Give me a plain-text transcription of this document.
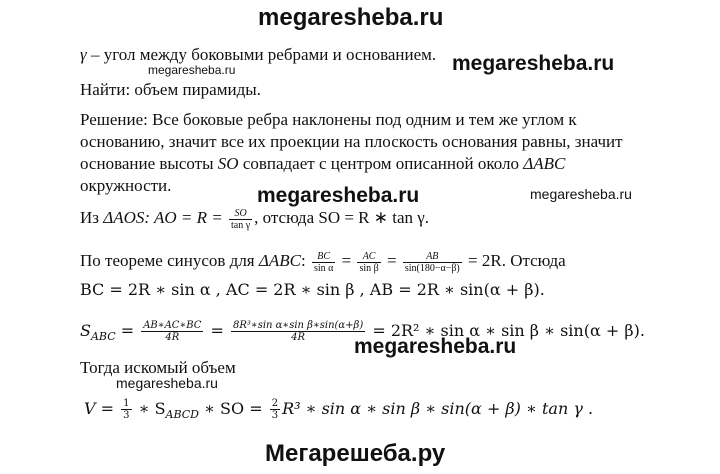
megaresheba.ru
γ – угол между боковыми ребрами и основанием.
megaresheba.ru	megaresheba.ru
Найти: объем пирамиды.
Решение: Все боковые ребра наклонены под одним и тем же углом к
основанию, значит все их проекции на плоскость основания равны, значит
основание высоты SO совпадает с центром описанной около ΔABC
окружности.	megaresheba.ru	megaresheba.ru
Из ΔAOS: AO = $R = \frac{SO}{\text{tan γ}}$ , отсюда SO = R ∗ tan γ.
По теореме синусов для ΔABC: $\frac{BC}{\text{sin α}} = \frac{AC}{\text{sin β}} = \frac{AB}{\sin(180-\alpha-\beta)} = 2R$. Отсюда
BC = 2R ∗ sin α , AC = 2R ∗ sin β , AB = 2R ∗ sin(α + β).
$S_{ABC} = \frac{AB∗AC∗BC}{4R} = \frac{\text{8R³∗sin α∗sin β∗sin(α+β)}}{4R} = 2R^2$ ∗ sin α ∗ sin β ∗ sin(α + β).
megaresheba.ru
Тогда искомый объем
megaresheba.ru
$V = \frac{1}{3}$ ∗ $S_{ABCD}$ ∗ SO = $\frac{2}{3} R^3$ ∗ sin α ∗ sin β ∗ sin(α + β) ∗ tan γ .
Мегарешеба.ру
